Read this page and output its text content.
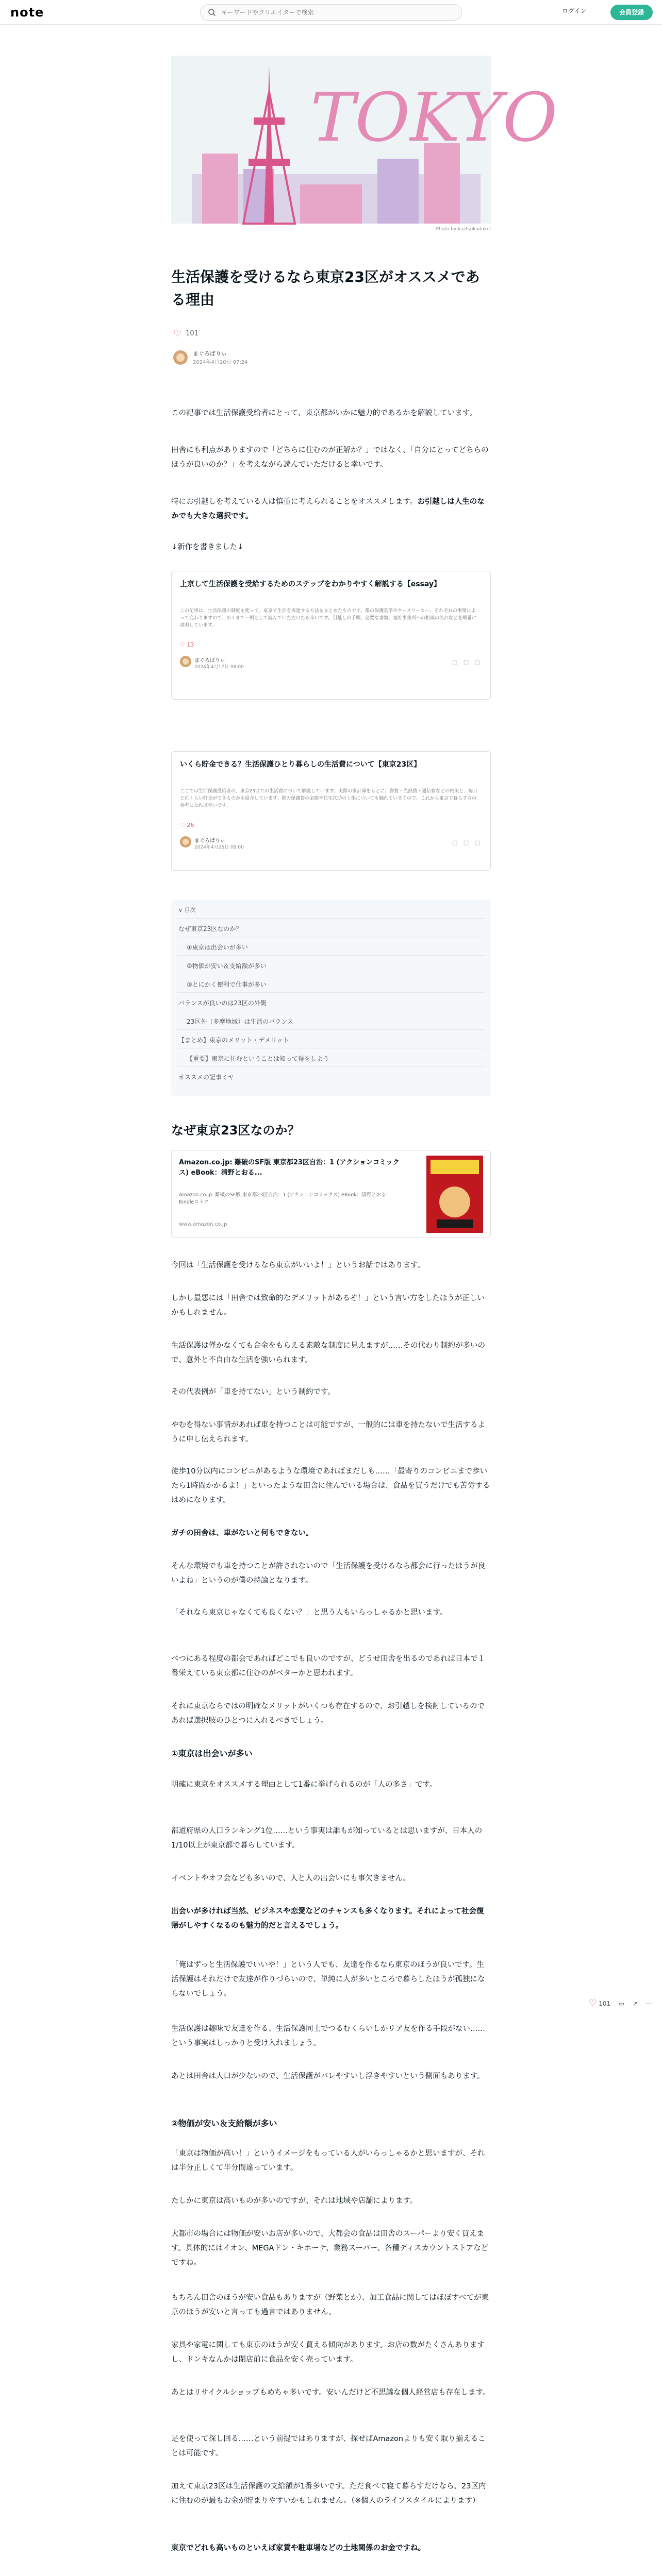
note
キーワードやクリエイターで検索	ログイン	会員登録
TOKYO
Photo by kaztsukadakel
生活保護を受けるなら東京23区がオススメである理由
♡ 101
まぐろばりぃ
2024年4月10日 07:24
この記事では生活保護受給者にとって、東京都がいかに魅力的であるかを解説しています。
田舎にも利点がありますので「どちらに住むのが正解か？」ではなく、「自分にとってどちらのほうが良いのか？」を考えながら読んでいただけると幸いです。
特にお引越しを考えている人は慎重に考えられることをオススメします。お引越しは人生のなかでも大きな選択です。
↓新作を書きました↓
上京して生活保護を受給するためのステップをわかりやすく解説する【essay】
この記事は、生活保護の制度を使って、東京で生活を再建する方法をまとめたものです。都の保護基準やケースワーカー、それぞれの事情によって変わりますので、あくまで一例として読んでいただけたら幸いです。引越しの手順、必要な書類、福祉事務所への相談の流れなどを順番に説明しています。
♡ 13
まぐろばりぃ
2024年4月17日 08:00
□ □ □
いくら貯金できる？生活保護ひとり暮らしの生活費について【東京23区】
ここでは生活保護受給者の、東京23区での生活費について解説しています。実際の家計簿をもとに、食費・光熱費・通信費などの内訳と、毎月どれくらい貯金ができるのかを紹介しています。都の保護費の金額や住宅扶助の上限についても触れていますので、これから東京で暮らす方の参考になれば幸いです。
♡ 26
まぐろばりぃ
2024年4月26日 08:00
□ □ □
∨ 目次
なぜ東京23区なのか？
①東京は出会いが多い
②物価が安い＆支給額が多い
③とにかく便利で仕事が多い
バランスが良いのは23区の外側
23区外（多摩地域）は生活のバランス
【まとめ】東京のメリット・デメリット
【重要】東京に住むということは知って得をしよう
オススメの記事ミヤ
なぜ東京23区なのか？
Amazon.co.jp: 難破のSF版 東京都23区自治：1 (アクションコミックス) eBook：清野とおる...
Amazon.co.jp: 難破のSF版 東京都23区自治：1 (アクションコミックス) eBook：清野とおる：Kindleストア
www.amazon.co.jp
今回は「生活保護を受けるなら東京がいいよ！」というお話ではあります。
しかし最悪には「田舎では致命的なデメリットがあるぞ！」という言い方をしたほうが正しいかもしれません。
生活保護は僅かなくても合金をもらえる素敵な制度に見えますが……その代わり制約が多いので、意外と不自由な生活を強いられます。
その代表例が「車を持てない」という制約です。
やむを得ない事情があれば車を持つことは可能ですが、一般的には車を持たないで生活するように申し伝えられます。
徒歩10分以内にコンビニがあるような環境であればまだしも……「最寄りのコンビニまで歩いたら1時間かかるよ！」といったような田舎に住んでいる場合は、食品を買うだけでも苦労するはめになります。
ガチの田舎は、車がないと何もできない。
そんな環境でも車を持つことが許されないので「生活保護を受けるなら都会に行ったほうが良いよね」というのが僕の持論となります。
「それなら東京じゃなくても良くない？」と思う人もいらっしゃるかと思います。
べつにある程度の都会であればどこでも良いのですが、どうせ田舎を出るのであれば日本で１番栄えている東京都に住むのがベターかと思われます。
それに東京ならではの明確なメリットがいくつも存在するので、お引越しを検討しているのであれば選択肢のひとつに入れるべきでしょう。
①東京は出会いが多い
明確に東京をオススメする理由として1番に挙げられるのが「人の多さ」です。
都道府県の人口ランキング1位……という事実は誰もが知っているとは思いますが、日本人の1/10以上が東京都で暮らしています。
イベントやオフ会なども多いので、人と人の出会いにも事欠きません。
出会いが多ければ当然、ビジネスや恋愛などのチャンスも多くなります。それによって社会復帰がしやすくなるのも魅力的だと言えるでしょう。
「俺はずっと生活保護でいいや！」という人でも、友達を作るなら東京のほうが良いです。生活保護はそれだけで友達が作りづらいので、単純に人が多いところで暮らしたほうが孤独にならないでしょう。
生活保護は趣味で友達を作る、生活保護同士でつるむくらいしかリア友を作る手段がない……という事実はしっかりと受け入れましょう。
あとは田舎は人口が少ないので、生活保護がバレやすいし浮きやすいという側面もあります。
②物価が安い＆支給額が多い
「東京は物価が高い！」というイメージをもっている人がいらっしゃるかと思いますが、それは半分正しくて半分間違っています。
たしかに東京は高いものが多いのですが、それは地域や店舗によります。
大都市の場合には物価が安いお店が多いので、大都会の食品は田舎のスーパーより安く買えます。具体的にはイオン、MEGAドン・キホーテ、業務スーパー、各種ディスカウントストアなどですね。
もちろん田舎のほうが安い食品もありますが（野菜とか）、加工食品に関してはほぼすべてが東京のほうが安いと言っても過言ではありません。
家具や家電に関しても東京のほうが安く買える傾向があります。お店の数がたくさんありますし、ドンキなんかは閉店前に食品を安く売っています。
あとはリサイクルショップもめちゃ多いです。安いんだけど不思議な個人経営店も存在します。
足を使って探し回る……という前提ではありますが、探せばAmazonよりも安く取り揃えることは可能です。
加えて東京23区は生活保護の支給額が1番多いです。ただ食べて寝て暮らすだけなら、23区内に住むのが最もお金が貯まりやすいかもしれません。（※個人のライフスタイルによります）
東京でどれも高いものといえば家賃や駐車場などの土地関係のお金ですね。
♡ 101 ▭ ↗ ⋯
